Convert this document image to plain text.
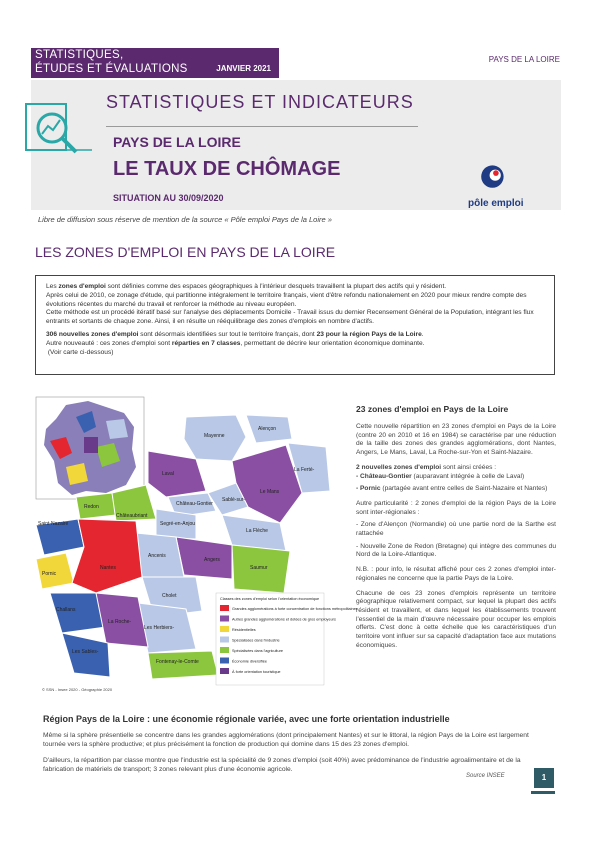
STATISTIQUES,
ÉTUDES ET ÉVALUATIONS	JANVIER 2021
PAYS DE LA LOIRE
STATISTIQUES ET INDICATEURS
PAYS DE LA LOIRE
LE TAUX DE CHÔMAGE
SITUATION AU 30/09/2020	pôle emploi
Libre de diffusion sous réserve de mention de la source « Pôle emploi Pays de la Loire »
LES ZONES D'EMPLOI EN PAYS DE LA LOIRE

Les zones d'emploi sont définies comme des espaces géographiques à l'intérieur desquels travaillent la plupart des actifs qui y résident.
Après celui de 2010, ce zonage d'étude, qui partitionne intégralement le territoire français, vient d'être refondu nationalement en 2020 pour mieux rendre compte des évolutions récentes du marché du travail et renforcer la méthode au niveau européen.
Cette méthode est un procédé itératif basé sur l'analyse des déplacements Domicile - Travail issus du dernier Recensement Général de la Population, intégrant les flux entrants et sortants de chaque zone. Ainsi, il en résulte un rééquilibrage des zones d'emplois en nombre d'actifs.

306 nouvelles zones d'emploi sont désormais identifiées sur tout le territoire français, dont 23 pour la région Pays de la Loire.
Autre nouveauté : ces zones d'emploi sont réparties en 7 classes, permettant de décrire leur orientation économique dominante.
(Voir carte ci-dessous)

Mayenne
Alençon
Laval
La Ferté-
Le Mans
Château-Gontier
Sablé-sur-
Redon
Châteaubriant
Segré-en-Anjou
La Flèche
Saint-Nazaire
Angers
Ancenis
Pornic
Nantes	Saumur
Cholet
Challans
Les Herbiers-
La Roche-
Les Sables-
Fontenay-le-Comte
Classes des zones d'emploi selon l'orientation économique
Grandes agglomérations à forte concentration de fonctions métropolitaines
Autres grandes agglomérations et dotées de gros employeurs
Résidentielles
Spécialisées dans l'industrie
Spécialisées dans l'agriculture
Économie diversifiée
À forte orientation touristique
© SSN - Insee 2020 - Géographie 2020
23 zones d'emploi en Pays de la Loire

Cette nouvelle répartition en 23 zones d'emploi en Pays de la Loire (contre 20 en 2010 et 16 en 1984) se caractérise par une réduction de la taille des zones des grandes agglomérations, dont Nantes, Angers, Le Mans, Laval, La Roche-sur-Yon et Saint-Nazaire.

2 nouvelles zones d'emploi sont ainsi créées :

- Château-Gontier (auparavant intégrée à celle de Laval)

- Pornic (partagée avant entre celles de Saint-Nazaire et Nantes)

Autre particularité : 2 zones d'emploi de la région Pays de la Loire sont inter-régionales :

- Zone d'Alençon (Normandie) où une partie nord de la Sarthe est rattachée

- Nouvelle Zone de Redon (Bretagne) qui intègre des communes du Nord de la Loire-Atlantique.

N.B. : pour info, le résultat affiché pour ces 2 zones d'emploi inter-régionales ne concerne que la partie Pays de la Loire.

Chacune de ces 23 zones d'emplois représente un territoire géographique relativement compact, sur lequel la plupart des actifs résident et travaillent, et dans lequel les établissements trouvent l'essentiel de la main d'œuvre nécessaire pour occuper les emplois offerts. C'est donc à cette échelle que les caractéristiques d'un territoire vont influer sur sa capacité d'adaptation face aux mutations économiques.

Région Pays de la Loire : une économie régionale variée, avec une forte orientation industrielle
Même si la sphère présentielle se concentre dans les grandes agglomérations (dont principalement Nantes) et sur le littoral, la région Pays de la Loire est largement tournée vers la sphère productive; et plus précisément la fonction de production qui domine dans 15 des 23 zones d'emploi.
D'ailleurs, la répartition par classe montre que l'industrie est la spécialité de 9 zones d'emploi (soit 40%) avec prédominance de l'industrie agroalimentaire et de la fabrication de matériels de transport; 3 zones relevant plus d'une économie agricole.
Source INSEE	1
